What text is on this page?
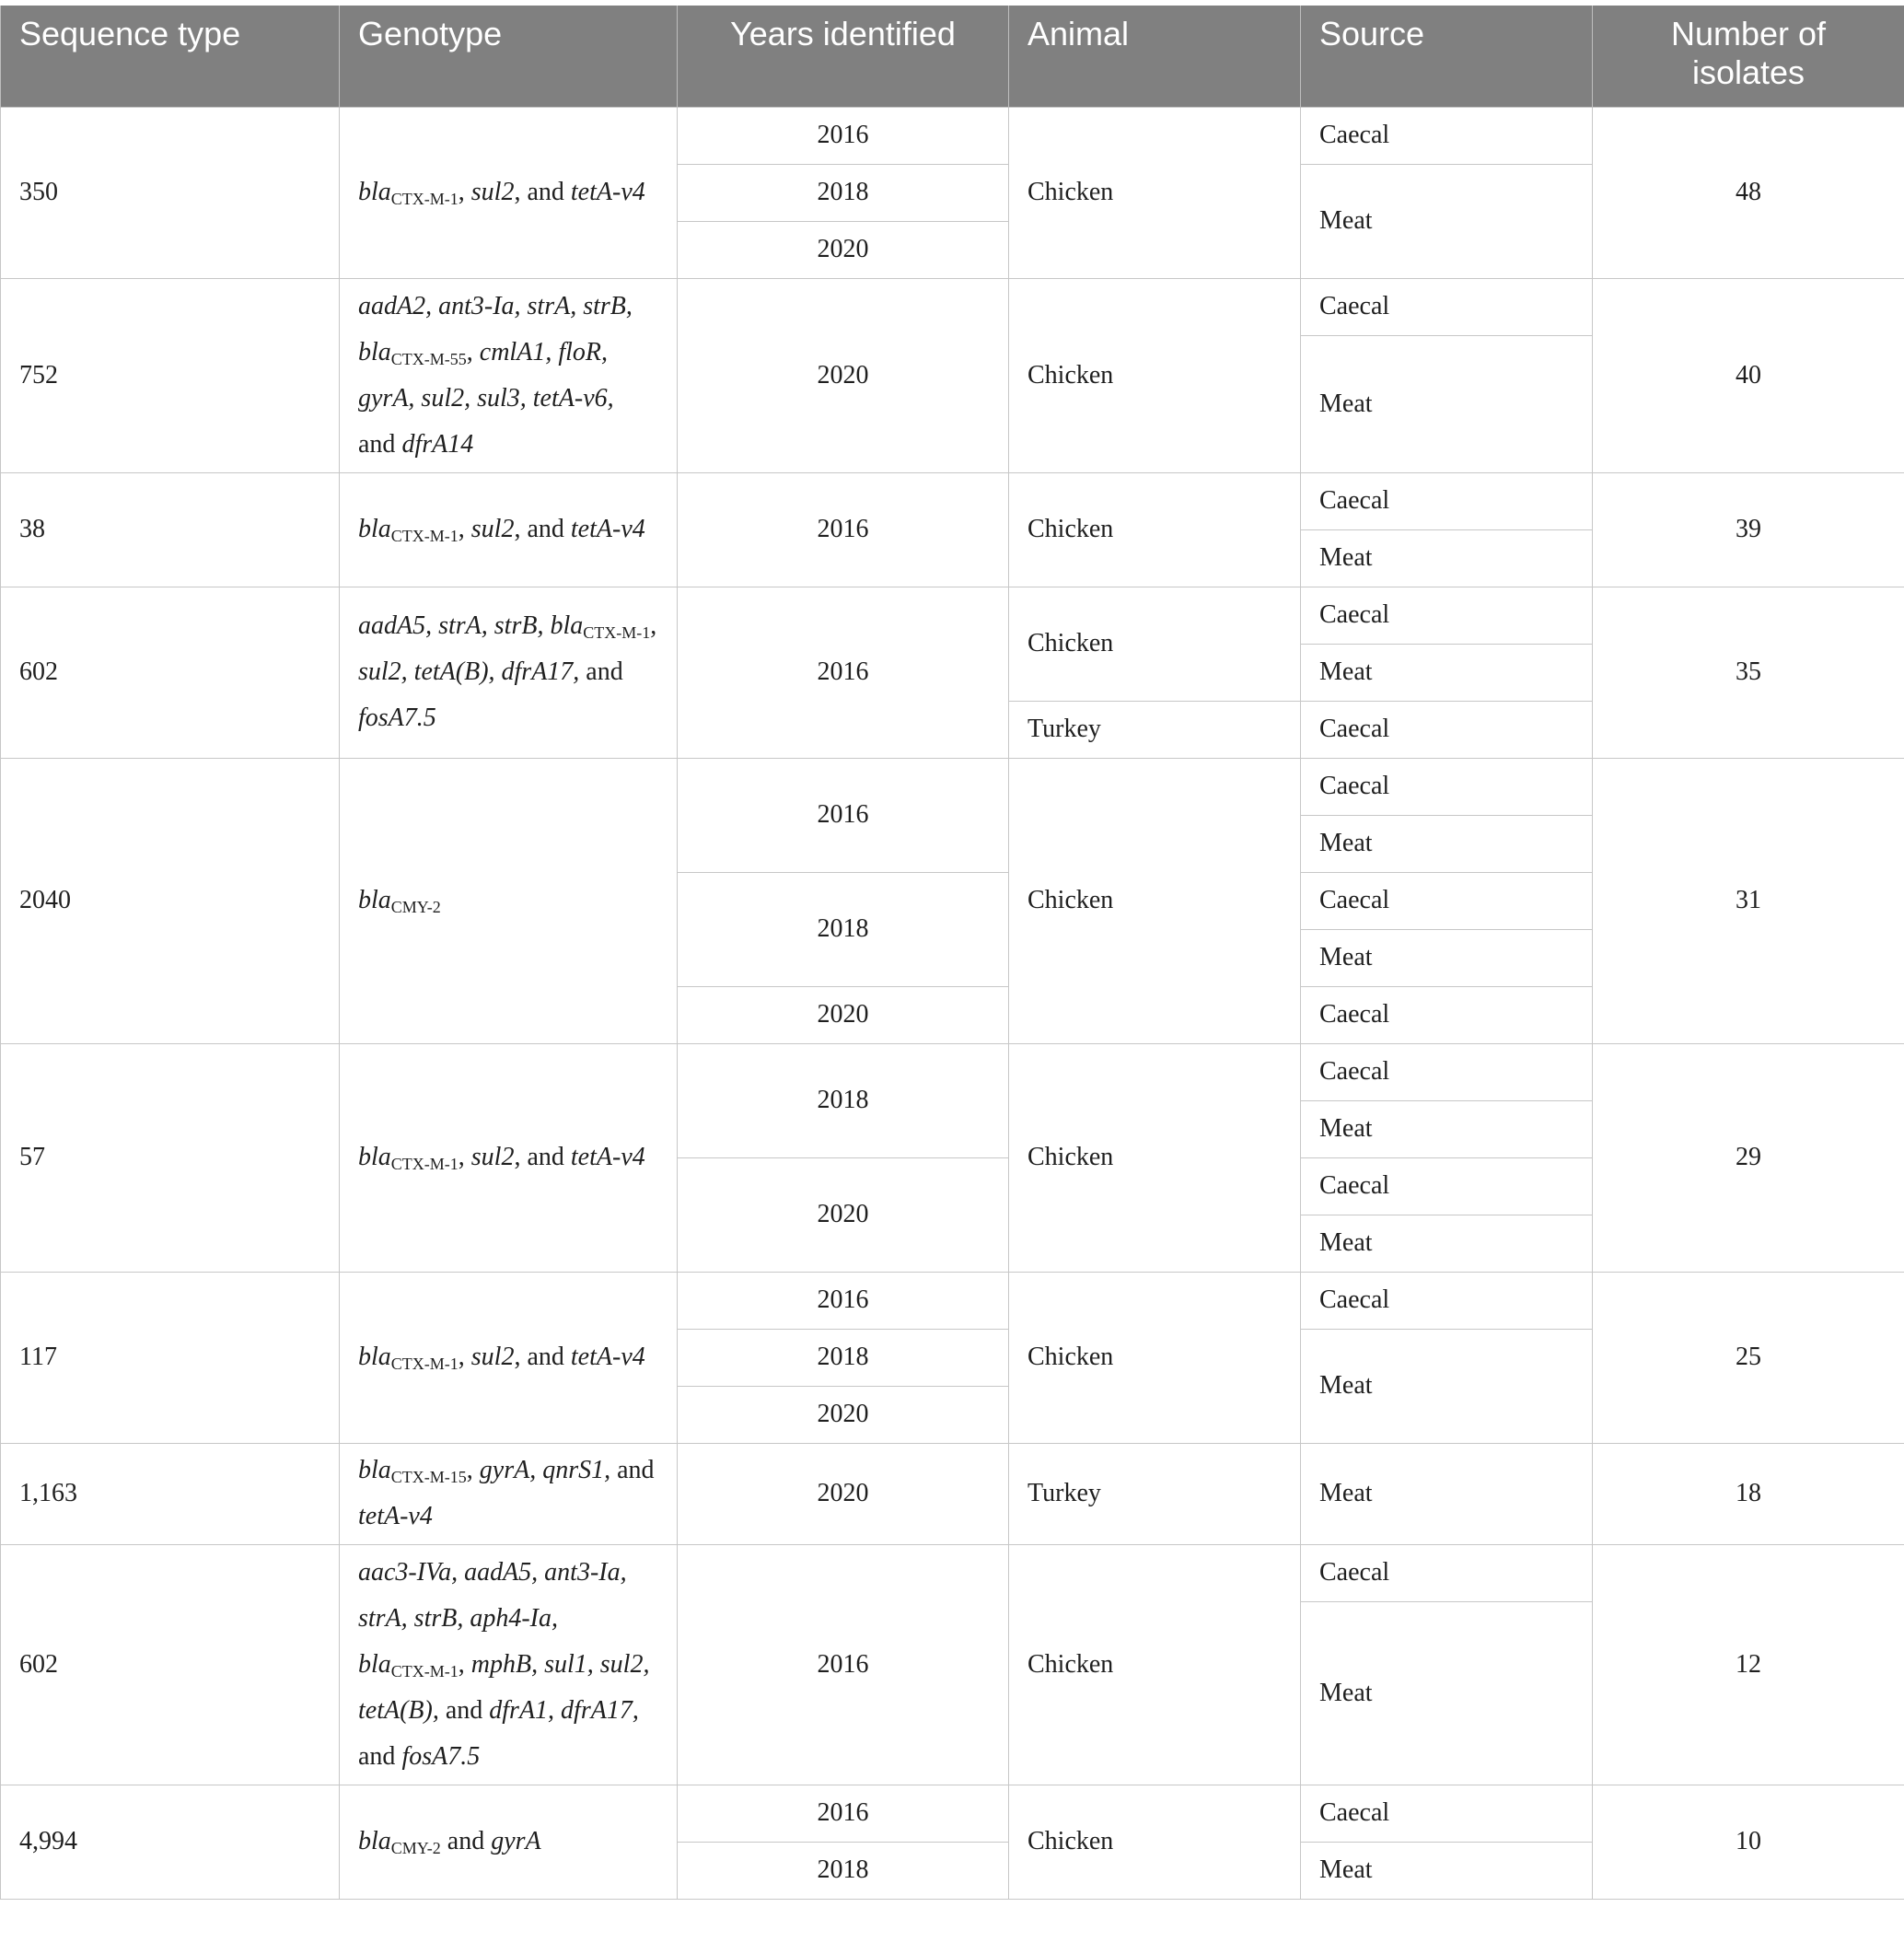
Sequence type	Genotype	Years identified	Animal	Source	Number of isolates
350	blaCTX-M-1, sul2, and tetA-v4	2016	Chicken	Caecal	48
		2018		Meat	
		2020			
752	aadA2, ant3-Ia, strA, strB,
blaCTX-M-55, cmlA1, floR,
gyrA, sul2, sul3, tetA-v6,
and dfrA14	2020	Chicken	Caecal	40
				Meat	
38	blaCTX-M-1, sul2, and tetA-v4	2016	Chicken	Caecal	39
				Meat	
602	aadA5, strA, strB, blaCTX-M-1,
sul2, tetA(B), dfrA17, and
fosA7.5	2016	Chicken	Caecal	35
				Meat	
			Turkey	Caecal	
2040	blaCMY-2	2016	Chicken	Caecal	31
				Meat	
		2018		Caecal	
				Meat	
		2020		Caecal	
57	blaCTX-M-1, sul2, and tetA-v4	2018	Chicken	Caecal	29
				Meat	
		2020		Caecal	
				Meat	
117	blaCTX-M-1, sul2, and tetA-v4	2016	Chicken	Caecal	25
		2018		Meat	
		2020			
1,163	blaCTX-M-15, gyrA, qnrS1, and
tetA-v4	2020	Turkey	Meat	18
602	aac3-IVa, aadA5, ant3-Ia,
strA, strB, aph4-Ia,
blaCTX-M-1, mphB, sul1, sul2,
tetA(B), and dfrA1, dfrA17,
and fosA7.5	2016	Chicken	Caecal	12
				Meat	
4,994	blaCMY-2 and gyrA	2016	Chicken	Caecal	10
		2018		Meat	
